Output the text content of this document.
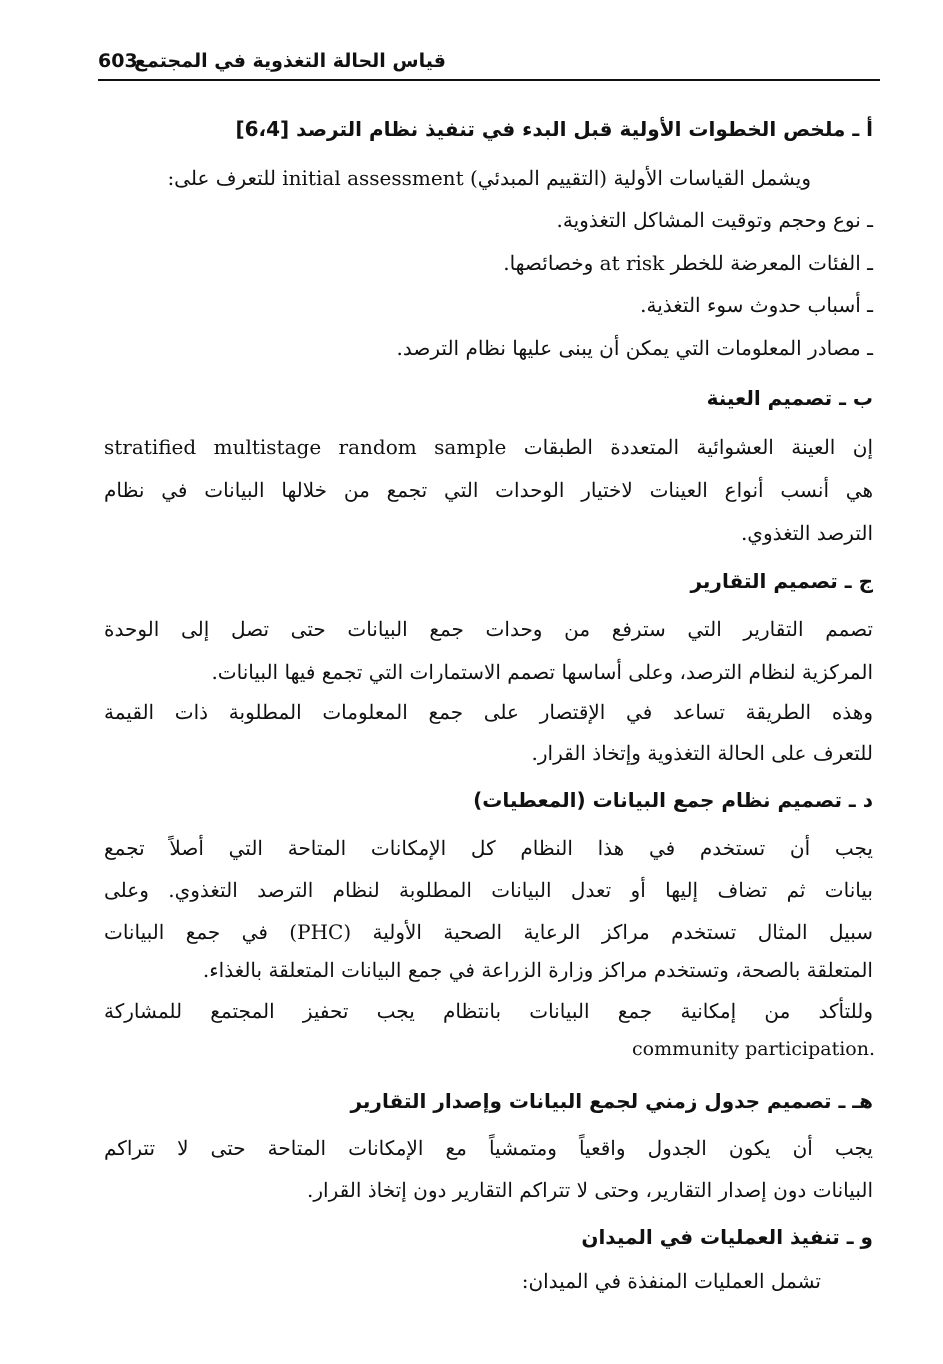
قياس الحالة التغذوية في المجتمع
603
أ ـ ملخص الخطوات الأولية قبل البدء في تنفيذ نظام الترصد [6،4]
ويشمل القياسات الأولية (التقييم المبدئي) initial assessment للتعرف على:
ـ نوع وحجم وتوقيت المشاكل التغذوية.
ـ الفئات المعرضة للخطر at risk وخصائصها.
ـ أسباب حدوث سوء التغذية.
ـ مصادر المعلومات التي يمكن أن يبنى عليها نظام الترصد.
ب ـ تصميم العينة
إن العينة العشوائية المتعددة الطبقات stratified multistage random sample
هي أنسب أنواع العينات لاختيار الوحدات التي تجمع من خلالها البيانات في نظام
الترصد التغذوي.
ج ـ تصميم التقارير
تصمم التقارير التي سترفع من وحدات جمع البيانات حتى تصل إلى الوحدة
المركزية لنظام الترصد، وعلى أساسها تصمم الاستمارات التي تجمع فيها البيانات.
وهذه الطريقة تساعد في الإقتصار على جمع المعلومات المطلوبة ذات القيمة
للتعرف على الحالة التغذوية وإتخاذ القرار.
د ـ تصميم نظام جمع البيانات (المعطيات)
يجب أن تستخدم في هذا النظام كل الإمكانات المتاحة التي أصلاً تجمع
بيانات ثم تضاف إليها أو تعدل البيانات المطلوبة لنظام الترصد التغذوي. وعلى
سبيل المثال تستخدم مراكز الرعاية الصحية الأولية (PHC) في جمع البيانات
المتعلقة بالصحة، وتستخدم مراكز وزارة الزراعة في جمع البيانات المتعلقة بالغذاء.
وللتأكد من إمكانية جمع البيانات بانتظام يجب تحفيز المجتمع للمشاركة
community participation.
هـ ـ تصميم جدول زمني لجمع البيانات وإصدار التقارير
يجب أن يكون الجدول واقعياً ومتمشياً مع الإمكانات المتاحة حتى لا تتراكم
البيانات دون إصدار التقارير، وحتى لا تتراكم التقارير دون إتخاذ القرار.
و ـ تنفيذ العمليات في الميدان
تشمل العمليات المنفذة في الميدان:
